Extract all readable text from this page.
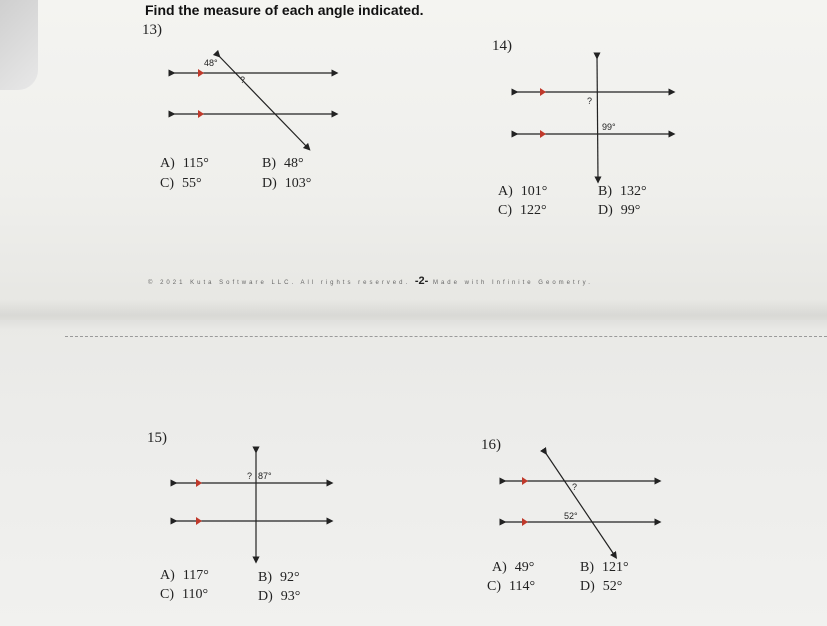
Find the measure of each angle indicated.
13)
48°
?
A) 115°	B) 48°
C) 55°	D) 103°
14)
?
99°
A) 101°	B) 132°
C) 122°	D) 99°
© 2021 Kuta Software LLC. All rights reserved. -2- Made with Infinite Geometry.
15)
? 87°
A) 117°	B) 92°
C) 110°	D) 93°
16)
?
52°
A) 49°	B) 121°
C) 114°	D) 52°
